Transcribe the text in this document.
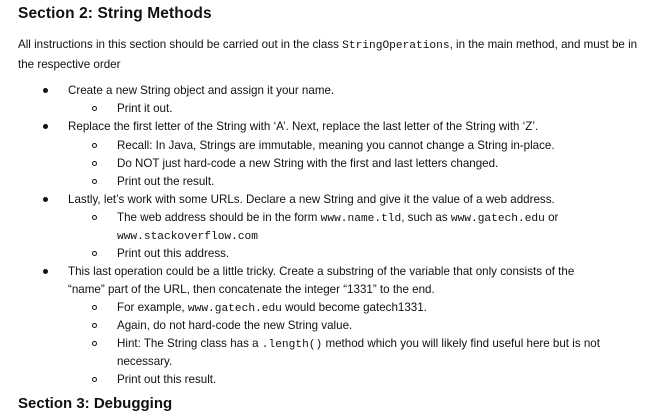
Section 2: String Methods
All instructions in this section should be carried out in the class StringOperations, in the main method, and must be in the respective order
Create a new String object and assign it your name.
Print it out.
Replace the first letter of the String with ‘A’. Next, replace the last letter of the String with ‘Z’.
Recall: In Java, Strings are immutable, meaning you cannot change a String in-place.
Do NOT just hard-code a new String with the first and last letters changed.
Print out the result.
Lastly, let’s work with some URLs. Declare a new String and give it the value of a web address.
The web address should be in the form www.name.tld, such as www.gatech.edu or
www.stackoverflow.com
Print out this address.
This last operation could be a little tricky. Create a substring of the variable that only consists of the
“name” part of the URL, then concatenate the integer “1331” to the end.
For example, www.gatech.edu would become gatech1331.
Again, do not hard-code the new String value.
Hint: The String class has a .length() method which you will likely find useful here but is not
necessary.
Print out this result.
Section 3: Debugging
